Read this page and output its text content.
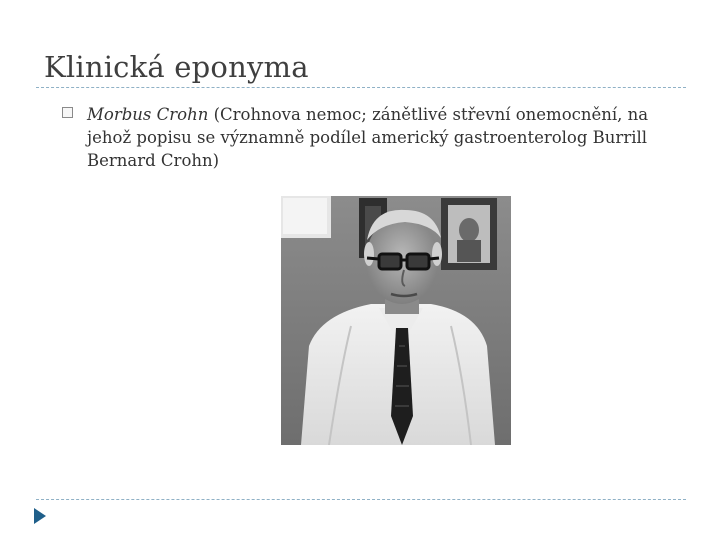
Klinická eponyma
Morbus Crohn (Crohnova nemoc; zánětlivé střevní onemocnění, na jehož popisu se významně podílel americký gastroenterolog Burrill Bernard Crohn)
